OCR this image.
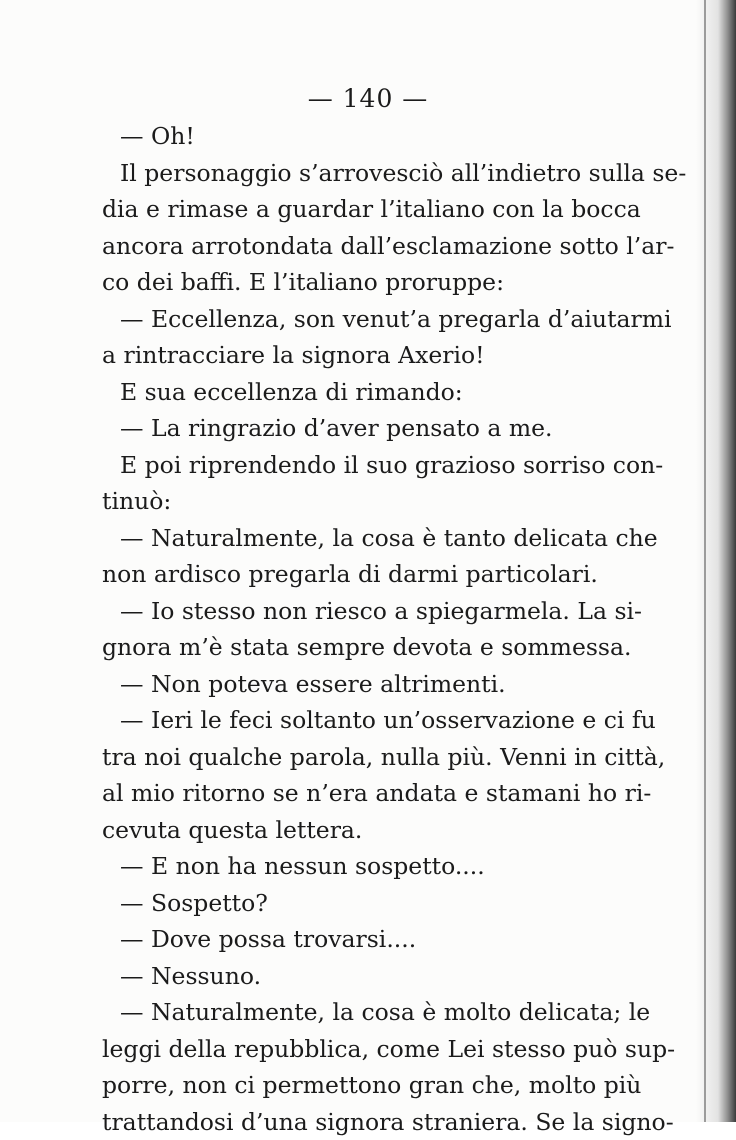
— 140 —
— Oh!
Il personaggio s’arrovesciò all’indietro sulla se-
dia e rimase a guardar l’italiano con la bocca
ancora arrotondata dall’esclamazione sotto l’ar-
co dei baffi. E l’italiano proruppe:
— Eccellenza, son venut’a pregarla d’aiutarmi
a rintracciare la signora Axerio!
E sua eccellenza di rimando:
— La ringrazio d’aver pensato a me.
E poi riprendendo il suo grazioso sorriso con-
tinuò:
— Naturalmente, la cosa è tanto delicata che
non ardisco pregarla di darmi particolari.
— Io stesso non riesco a spiegarmela. La si-
gnora m’è stata sempre devota e sommessa.
— Non poteva essere altrimenti.
— Ieri le feci soltanto un’osservazione e ci fu
tra noi qualche parola, nulla più. Venni in città,
al mio ritorno se n’era andata e stamani ho ri-
cevuta questa lettera.
— E non ha nessun sospetto....
— Sospetto?
— Dove possa trovarsi....
— Nessuno.
— Naturalmente, la cosa è molto delicata; le
leggi della repubblica, come Lei stesso può sup-
porre, non ci permettono gran che, molto più
trattandosi d’una signora straniera. Se la signo-
